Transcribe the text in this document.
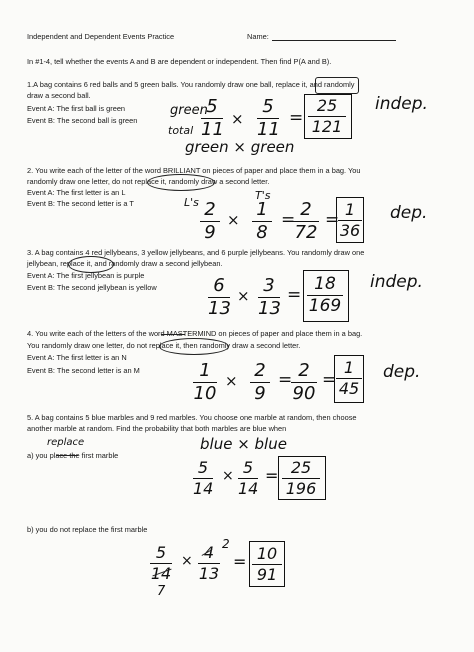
Independent and Dependent Events Practice	Name:
In #1-4, tell whether the events A and B are dependent or independent. Then find P(A and B).
1.A bag contains 6 red balls and 5 green balls. You randomly draw one ball, replace it, and randomly
draw a second ball.
Event A: The first ball is green
Event B: The second ball is green
green
total
5
11 ×
5
11
=
25
121
green × green
indep.
2. You write each of the letter of the word BRILLIANT on pieces of paper and place them in a bag. You
randomly draw one letter, do not replace it, randomly draw a second letter.
Event A: The first letter is an L
Event B: The second letter is a T	L's
T's
2
9
× 1
8
= 2
72
=
1
36
dep.
3. A bag contains 4 red jellybeans, 3 yellow jellybeans, and 6 purple jellybeans. You randomly draw one
jellybean, replace it, and randomly draw a second jellybean.
Event A: The first jellybean is purple
Event B: The second jellybean is yellow	6
13
× 3
13
=
18
169
indep.
4. You write each of the letters of the word MASTERMIND on pieces of paper and place them in a bag.
You randomly draw one letter, do not replace it, then randomly draw a second letter.
Event A: The first letter is an N
Event B: The second letter is an M	1
10
× 2
9
= 2
90
=
1
45
dep.
5. A bag contains 5 blue marbles and 9 red marbles. You choose one marble at random, then choose
another marble at random. Find the probability that both marbles are blue when
replace
a) you place the first marble
b) you do not replace the first marble
blue × blue
5
14
× 5
14
= 25
196
5
14
7
× 4
13
2
= 10
91
